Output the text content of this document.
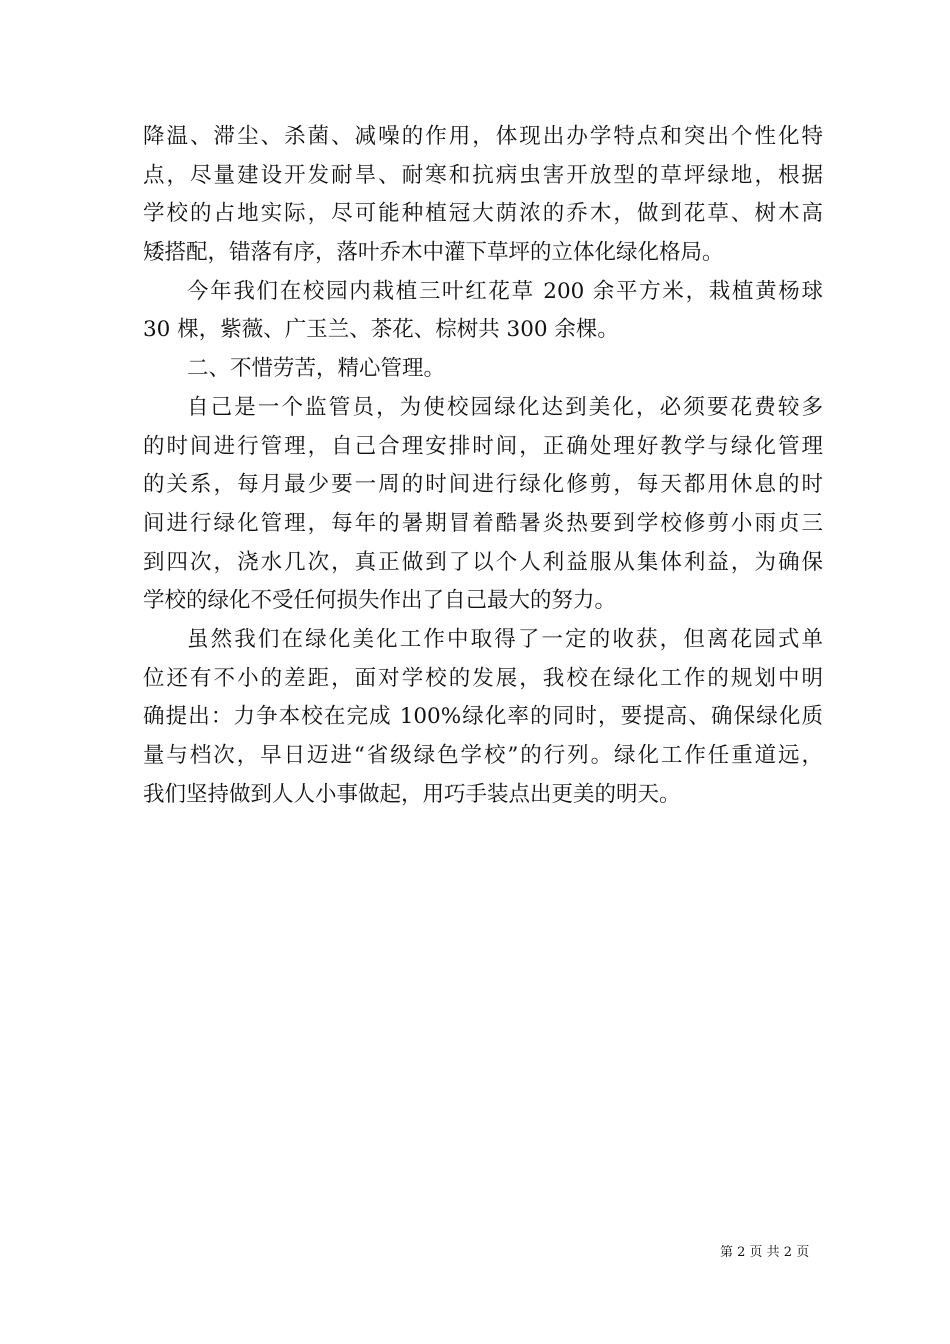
降温、滞尘、杀菌、减噪的作用，体现出办学特点和突出个性化特
点，尽量建设开发耐旱、耐寒和抗病虫害开放型的草坪绿地，根据
学校的占地实际，尽可能种植冠大荫浓的乔木，做到花草、树木高
矮搭配，错落有序，落叶乔木中灌下草坪的立体化绿化格局。
今年我们在校园内栽植三叶红花草 200 余平方米，栽植黄杨球
30 棵，紫薇、广玉兰、茶花、棕树共 300 余棵。
二、不惜劳苦，精心管理。
自己是一个监管员，为使校园绿化达到美化，必须要花费较多
的时间进行管理，自己合理安排时间，正确处理好教学与绿化管理
的关系，每月最少要一周的时间进行绿化修剪，每天都用休息的时
间进行绿化管理，每年的暑期冒着酷暑炎热要到学校修剪小雨贞三
到四次，浇水几次，真正做到了以个人利益服从集体利益，为确保
学校的绿化不受任何损失作出了自己最大的努力。
虽然我们在绿化美化工作中取得了一定的收获，但离花园式单
位还有不小的差距，面对学校的发展，我校在绿化工作的规划中明
确提出：力争本校在完成 100%绿化率的同时，要提高、确保绿化质
量与档次，早日迈进“省级绿色学校”的行列。绿化工作任重道远，
我们坚持做到人人小事做起，用巧手装点出更美的明天。
第 2 页 共 2 页
